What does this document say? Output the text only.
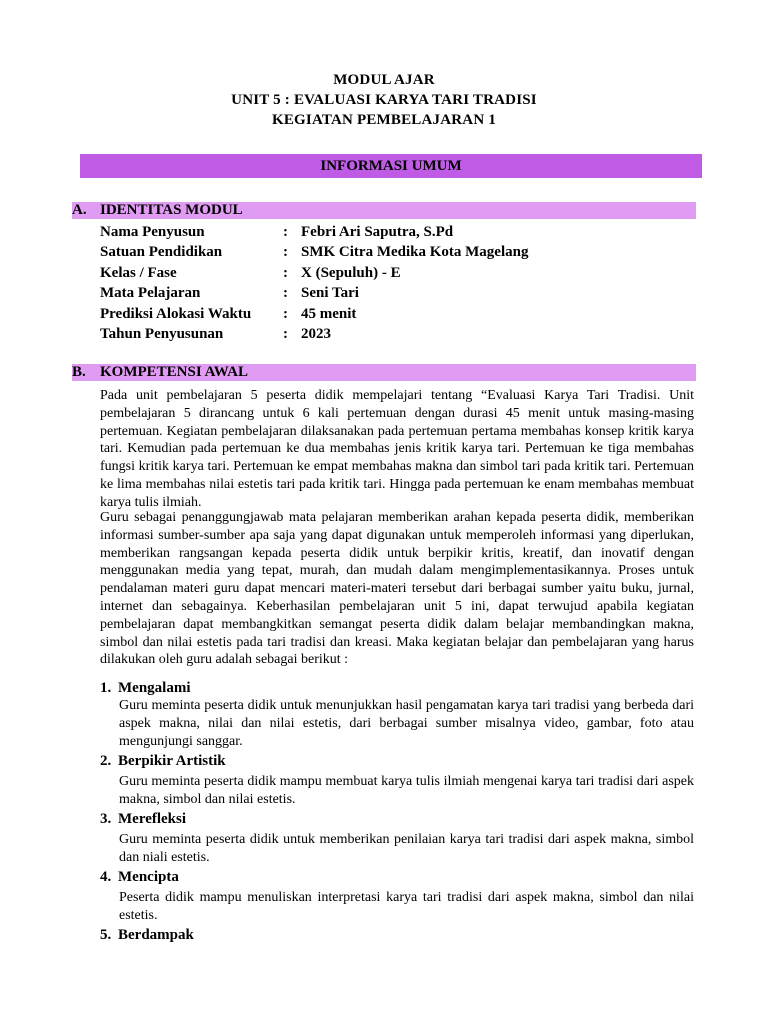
MODUL AJAR
UNIT 5 : EVALUASI KARYA TARI TRADISI
KEGIATAN PEMBELAJARAN 1
INFORMASI UMUM
A. IDENTITAS MODUL
Nama Penyusun	: Febri Ari Saputra, S.Pd
Satuan Pendidikan	: SMK Citra Medika Kota Magelang
Kelas / Fase	: X (Sepuluh) - E
Mata Pelajaran	: Seni Tari
Prediksi Alokasi Waktu : 45 menit
Tahun Penyusunan	: 2023
B. KOMPETENSI AWAL
Pada unit pembelajaran 5 peserta didik mempelajari tentang “Evaluasi Karya Tari Tradisi. Unit pembelajaran 5 dirancang untuk 6 kali pertemuan dengan durasi 45 menit untuk masing-masing pertemuan. Kegiatan pembelajaran dilaksanakan pada pertemuan pertama membahas konsep kritik karya tari. Kemudian pada pertemuan ke dua membahas jenis kritik karya tari. Pertemuan ke tiga membahas fungsi kritik karya tari. Pertemuan ke empat membahas makna dan simbol tari pada kritik tari. Pertemuan ke lima membahas nilai estetis tari pada kritik tari. Hingga pada pertemuan ke enam membahas membuat karya tulis ilmiah.
Guru sebagai penanggungjawab mata pelajaran memberikan arahan kepada peserta didik, memberikan informasi sumber-sumber apa saja yang dapat digunakan untuk memperoleh informasi yang diperlukan, memberikan rangsangan kepada peserta didik untuk berpikir kritis, kreatif, dan inovatif dengan menggunakan media yang tepat, murah, dan mudah dalam mengimplementasikannya. Proses untuk pendalaman materi guru dapat mencari materi-materi tersebut dari berbagai sumber yaitu buku, jurnal, internet dan sebagainya. Keberhasilan pembelajaran unit 5 ini, dapat terwujud apabila kegiatan pembelajaran dapat membangkitkan semangat peserta didik dalam belajar membandingkan makna, simbol dan nilai estetis pada tari tradisi dan kreasi. Maka kegiatan belajar dan pembelajaran yang harus dilakukan oleh guru adalah sebagai berikut :
1. Mengalami
Guru meminta peserta didik untuk menunjukkan hasil pengamatan karya tari tradisi yang berbeda dari aspek makna, nilai dan nilai estetis, dari berbagai sumber misalnya video, gambar, foto atau mengunjungi sanggar.
2. Berpikir Artistik
Guru meminta peserta didik mampu membuat karya tulis ilmiah mengenai karya tari tradisi dari aspek makna, simbol dan nilai estetis.
3. Merefleksi
Guru meminta peserta didik untuk memberikan penilaian karya tari tradisi dari aspek makna, simbol dan niali estetis.
4. Mencipta
Peserta didik mampu menuliskan interpretasi karya tari tradisi dari aspek makna, simbol dan nilai estetis.
5. Berdampak
